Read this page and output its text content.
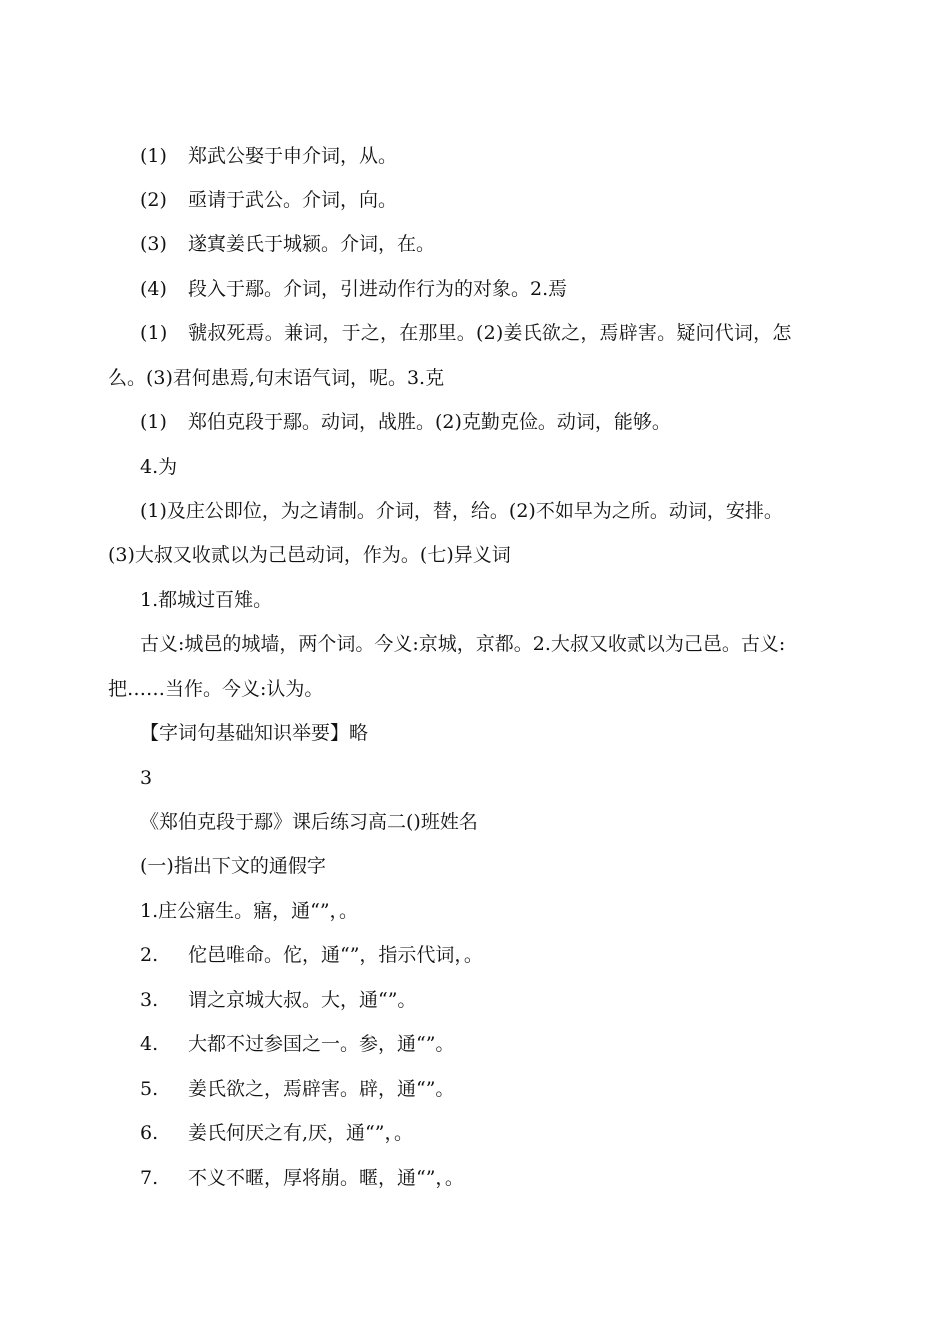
(1) 郑武公娶于申介词，从。
(2) 亟请于武公。介词，向。
(3) 遂寘姜氏于城颍。介词，在。
(4) 段入于鄢。介词，引进动作行为的对象。2.焉
(1) 虢叔死焉。兼词，于之，在那里。(2)姜氏欲之，焉辟害。疑问代词，怎
么。(3)君何患焉,句末语气词，呢。3.克
(1) 郑伯克段于鄢。动词，战胜。(2)克勤克俭。动词，能够。
4.为
(1)及庄公即位，为之请制。介词，替，给。(2)不如早为之所。动词，安排。
(3)大叔又收贰以为己邑动词，作为。(七)异义词
1.都城过百雉。
古义:城邑的城墙，两个词。今义:京城，京都。2.大叔又收贰以为己邑。古义:
把……当作。今义:认为。
【字词句基础知识举要】略
3
《郑伯克段于鄢》课后练习高二()班姓名
(一)指出下文的通假字
1.庄公寤生。寤，通“”，。
2. 佗邑唯命。佗，通“”，指示代词，。
3. 谓之京城大叔。大，通“”。
4. 大都不过参国之一。参，通“”。
5. 姜氏欲之，焉辟害。辟，通“”。
6. 姜氏何厌之有,厌，通“”，。
7. 不义不暱，厚将崩。暱，通“”，。
